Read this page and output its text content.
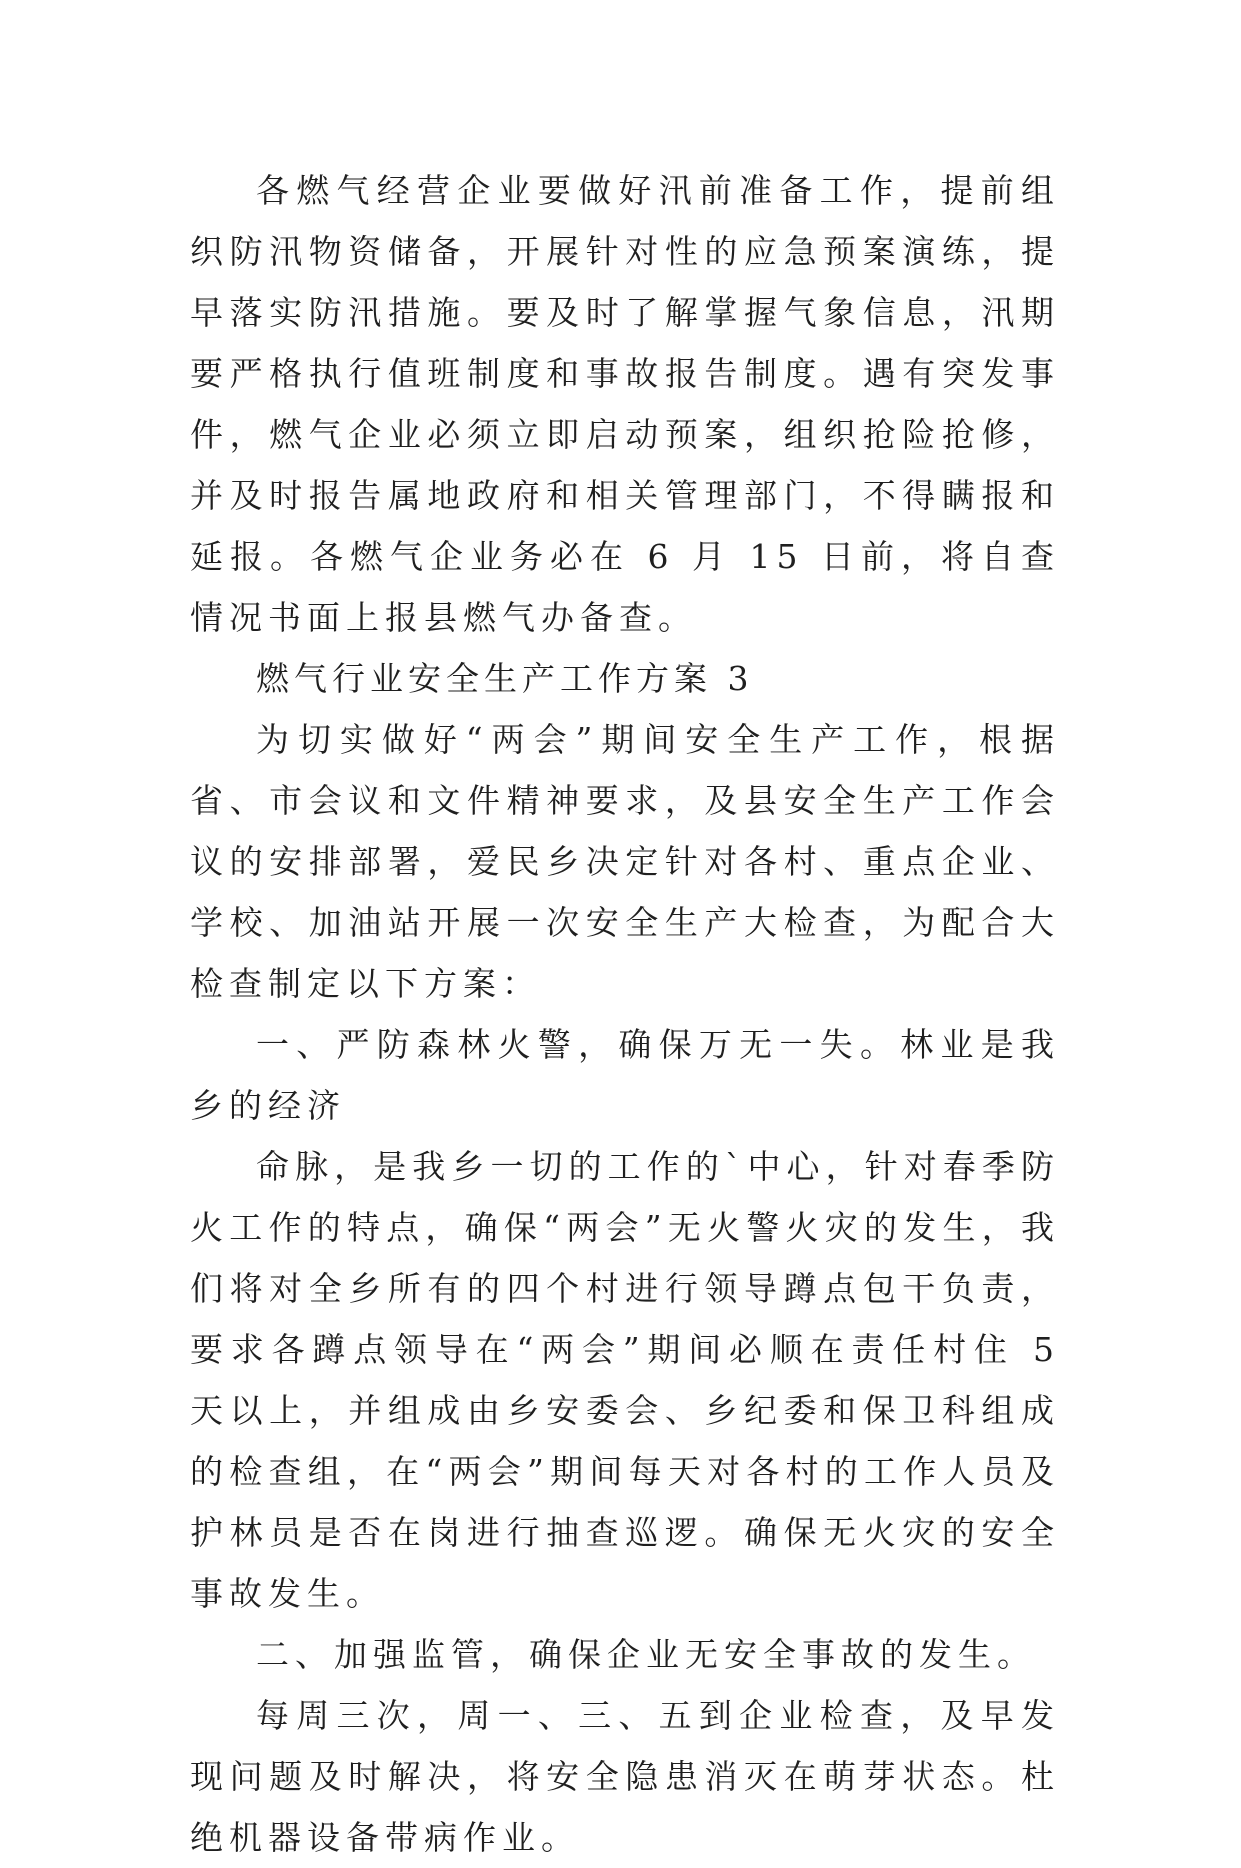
各燃气经营企业要做好汛前准备工作，提前组织防汛物资储备，开展针对性的应急预案演练，提早落实防汛措施。要及时了解掌握气象信息，汛期要严格执行值班制度和事故报告制度。遇有突发事件，燃气企业必须立即启动预案，组织抢险抢修，并及时报告属地政府和相关管理部门，不得瞒报和延报。各燃气企业务必在 6 月 15 日前，将自查情况书面上报县燃气办备查。

燃气行业安全生产工作方案 3

为切实做好“两会”期间安全生产工作，根据省、市会议和文件精神要求，及县安全生产工作会议的安排部署，爱民乡决定针对各村、重点企业、学校、加油站开展一次安全生产大检查，为配合大检查制定以下方案：

一、严防森林火警，确保万无一失。林业是我乡的经济

命脉，是我乡一切的工作的`中心，针对春季防火工作的特点，确保“两会”无火警火灾的发生，我们将对全乡所有的四个村进行领导蹲点包干负责，要求各蹲点领导在“两会”期间必顺在责任村住 5 天以上，并组成由乡安委会、乡纪委和保卫科组成的检查组，在“两会”期间每天对各村的工作人员及护林员是否在岗进行抽查巡逻。确保无火灾的安全事故发生。

二、加强监管，确保企业无安全事故的发生。

每周三次，周一、三、五到企业检查，及早发现问题及时解决，将安全隐患消灭在萌芽状态。杜绝机器设备带病作业。
